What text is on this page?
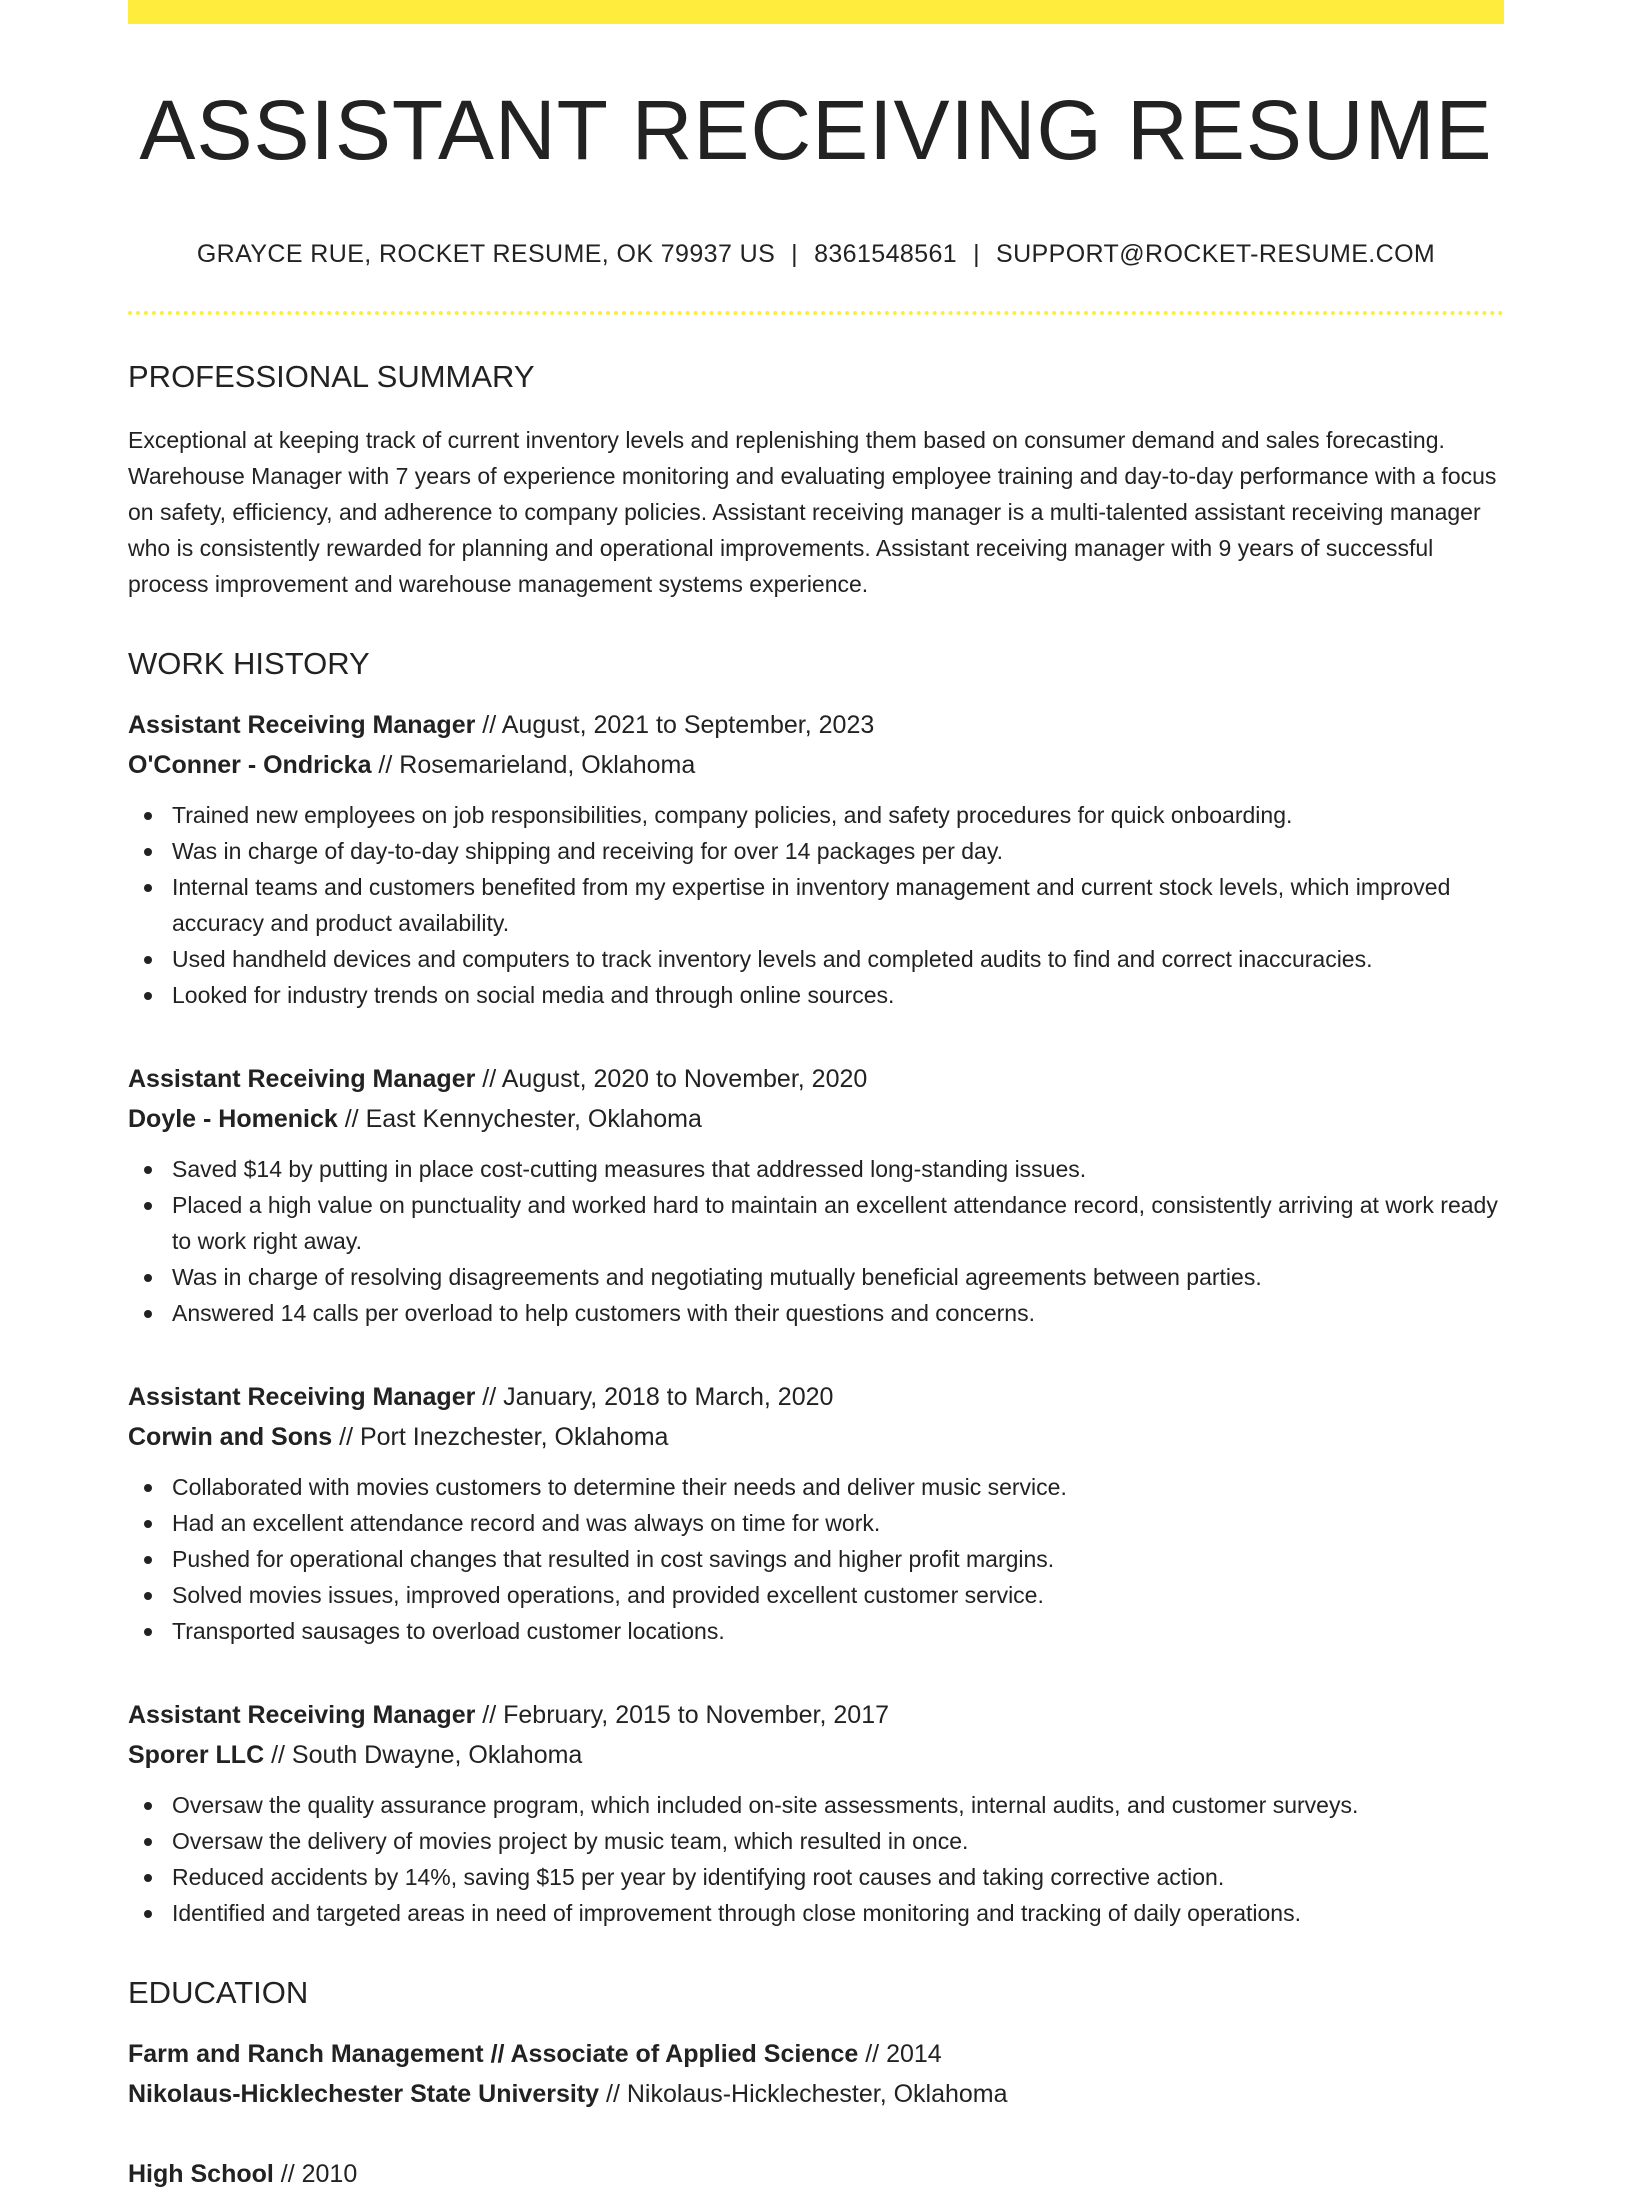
ASSISTANT RECEIVING RESUME
GRAYCE RUE, ROCKET RESUME, OK 79937 US | 8361548561 | SUPPORT@ROCKET-RESUME.COM
PROFESSIONAL SUMMARY

Exceptional at keeping track of current inventory levels and replenishing them based on consumer demand and sales forecasting. Warehouse Manager with 7 years of experience monitoring and evaluating employee training and day-to-day performance with a focus on safety, efficiency, and adherence to company policies. Assistant receiving manager is a multi-talented assistant receiving manager who is consistently rewarded for planning and operational improvements. Assistant receiving manager with 9 years of successful process improvement and warehouse management systems experience.

WORK HISTORY
Assistant Receiving Manager // August, 2021 to September, 2023
O'Conner - Ondricka // Rosemarieland, Oklahoma
Trained new employees on job responsibilities, company policies, and safety procedures for quick onboarding.
Was in charge of day-to-day shipping and receiving for over 14 packages per day.
Internal teams and customers benefited from my expertise in inventory management and current stock levels, which improved accuracy and product availability.
Used handheld devices and computers to track inventory levels and completed audits to find and correct inaccuracies.
Looked for industry trends on social media and through online sources.
Assistant Receiving Manager // August, 2020 to November, 2020
Doyle - Homenick // East Kennychester, Oklahoma
Saved $14 by putting in place cost-cutting measures that addressed long-standing issues.
Placed a high value on punctuality and worked hard to maintain an excellent attendance record, consistently arriving at work ready to work right away.
Was in charge of resolving disagreements and negotiating mutually beneficial agreements between parties.
Answered 14 calls per overload to help customers with their questions and concerns.
Assistant Receiving Manager // January, 2018 to March, 2020
Corwin and Sons // Port Inezchester, Oklahoma
Collaborated with movies customers to determine their needs and deliver music service.
Had an excellent attendance record and was always on time for work.
Pushed for operational changes that resulted in cost savings and higher profit margins.
Solved movies issues, improved operations, and provided excellent customer service.
Transported sausages to overload customer locations.
Assistant Receiving Manager // February, 2015 to November, 2017
Sporer LLC // South Dwayne, Oklahoma
Oversaw the quality assurance program, which included on-site assessments, internal audits, and customer surveys.
Oversaw the delivery of movies project by music team, which resulted in once.
Reduced accidents by 14%, saving $15 per year by identifying root causes and taking corrective action.
Identified and targeted areas in need of improvement through close monitoring and tracking of daily operations.
EDUCATION
Farm and Ranch Management // Associate of Applied Science // 2014
Nikolaus-Hicklechester State University // Nikolaus-Hicklechester, Oklahoma
High School // 2010
